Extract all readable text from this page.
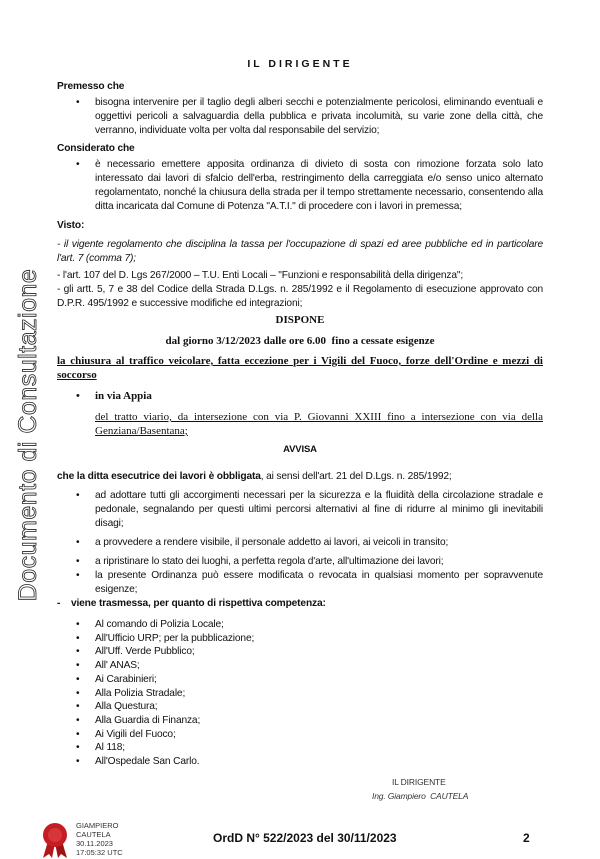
Documento di Consultazione
IL DIRIGENTE
Premesso che
•	bisogna intervenire per il taglio degli alberi secchi e potenzialmente pericolosi, eliminando eventuali e oggettivi pericoli a salvaguardia della pubblica e privata incolumità, su varie zone della città, che verranno, individuate volta per volta dal responsabile del servizio;
Considerato che
•	è necessario emettere apposita ordinanza di divieto di sosta con rimozione forzata solo lato interessato dai lavori di sfalcio dell'erba, restringimento della carreggiata e/o senso unico alternato regolamentato, nonché la chiusura della strada per il tempo strettamente necessario, consentendo alla ditta incaricata dal Comune di Potenza "A.T.I." di procedere con i lavori in premessa;
Visto:
- il vigente regolamento che disciplina la tassa per l'occupazione di spazi ed aree pubbliche ed in particolare l'art. 7 (comma 7);
- l'art. 107 del D. Lgs 267/2000 – T.U. Enti Locali – "Funzioni e responsabilità della dirigenza";
- gli artt. 5, 7 e 38 del Codice della Strada D.Lgs. n. 285/1992 e il Regolamento di esecuzione approvato con D.P.R. 495/1992 e successive modifiche ed integrazioni;
DISPONE
dal giorno 3/12/2023 dalle ore 6.00  fino a cessate esigenze
la chiusura al traffico veicolare, fatta eccezione per i Vigili del Fuoco, forze dell'Ordine e mezzi di soccorso
•	in via Appia
del tratto viario, da intersezione con via P. Giovanni XXIII fino a intersezione con via della Genziana/Basentana;
AVVISA
che la ditta esecutrice dei lavori è obbligata, ai sensi dell'art. 21 del D.Lgs. n. 285/1992;
•	ad adottare tutti gli accorgimenti necessari per la sicurezza e la fluidità della circolazione stradale e pedonale, segnalando per questi ultimi percorsi alternativi al fine di ridurre al minimo gli inevitabili disagi;
•	a provvedere a rendere visibile, il personale addetto ai lavori, ai veicoli in transito;
•	a ripristinare lo stato dei luoghi, a perfetta regola d'arte, all'ultimazione dei lavori;
•	la presente Ordinanza può essere modificata o revocata in qualsiasi momento per sopravvenute esigenze;
-    viene trasmessa, per quanto di rispettiva competenza:
• Al comando di Polizia Locale;
• All'Ufficio URP; per la pubblicazione;
• All'Uff. Verde Pubblico;
• All' ANAS;
• Ai Carabinieri;
• Alla Polizia Stradale;
• Alla Questura;
• Alla Guardia di Finanza;
• Ai Vigili del Fuoco;
• Al 118;
• All'Ospedale San Carlo.
IL DIRIGENTE
Ing. Giampiero  CAUTELA
GIAMPIERO
CAUTELA
30.11.2023
17:05:32 UTC
OrdD N° 522/2023 del 30/11/2023	2
